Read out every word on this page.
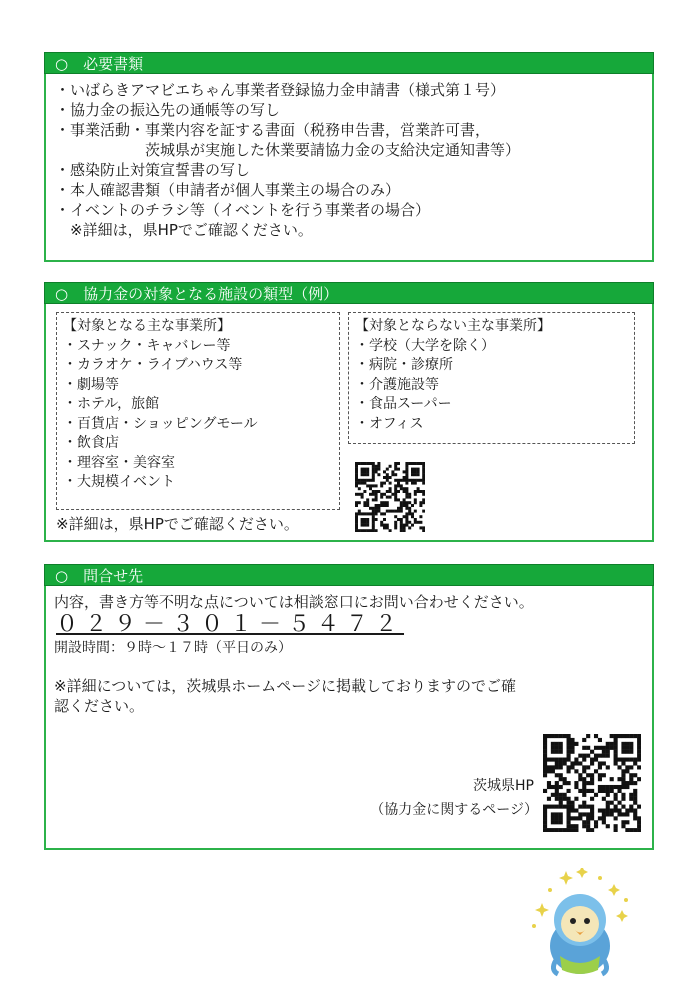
○　必要書類
・いばらきアマビエちゃん事業者登録協力金申請書（様式第１号）
・協力金の振込先の通帳等の写し
・事業活動・事業内容を証する書面（税務申告書，営業許可書，
　　　　　　茨城県が実施した休業要請協力金の支給決定通知書等）
・感染防止対策宣誓書の写し
・本人確認書類（申請者が個人事業主の場合のみ）
・イベントのチラシ等（イベントを行う事業者の場合）
　※詳細は，県HPでご確認ください。
○　協力金の対象となる施設の類型（例）
【対象となる主な事業所】
・スナック・キャバレー等
・カラオケ・ライブハウス等
・劇場等
・ホテル，旅館
・百貨店・ショッピングモール
・飲食店
・理容室・美容室
・大規模イベント
【対象とならない主な事業所】
・学校（大学を除く）
・病院・診療所
・介護施設等
・食品スーパー
・オフィス
※詳細は，県HPでご確認ください。
○　問合せ先
内容，書き方等不明な点については相談窓口にお問い合わせください。
０２９－３０１－５４７２
開設時間：９時～１７時（平日のみ）
※詳細については，茨城県ホームページに掲載しておりますのでご確
認ください。
茨城県HP
（協力金に関するページ）
